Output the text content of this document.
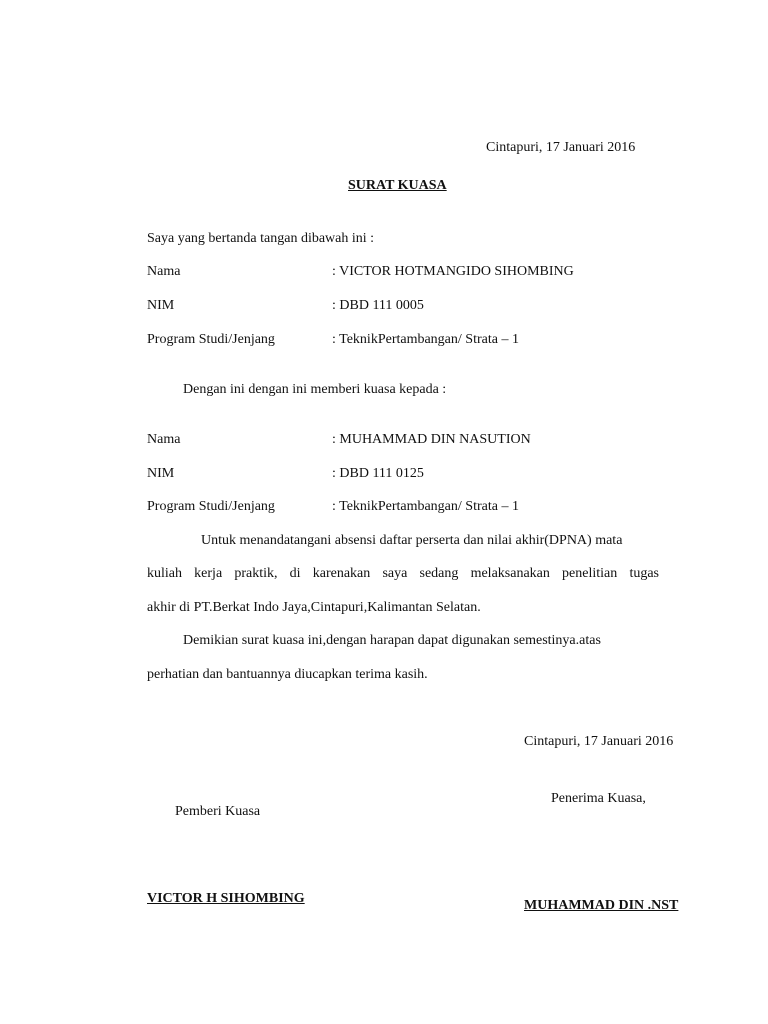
Cintapuri, 17 Januari 2016
SURAT KUASA
Saya yang bertanda tangan dibawah ini :
Nama	: VICTOR HOTMANGIDO SIHOMBING
NIM	: DBD 111 0005
Program Studi/Jenjang	: TeknikPertambangan/ Strata – 1
Dengan ini dengan ini memberi kuasa kepada :
Nama	: MUHAMMAD DIN NASUTION
NIM	: DBD 111 0125
Program Studi/Jenjang	: TeknikPertambangan/ Strata – 1
Untuk menandatangani absensi daftar perserta dan nilai akhir(DPNA) mata
kuliah kerja praktik, di karenakan saya sedang melaksanakan penelitian tugas
akhir di PT.Berkat Indo Jaya,Cintapuri,Kalimantan Selatan.
Demikian surat kuasa ini,dengan harapan dapat digunakan semestinya.atas
perhatian dan bantuannya diucapkan terima kasih.
Cintapuri, 17 Januari 2016
Penerima Kuasa,
Pemberi Kuasa
VICTOR H SIHOMBING	MUHAMMAD DIN .NST
